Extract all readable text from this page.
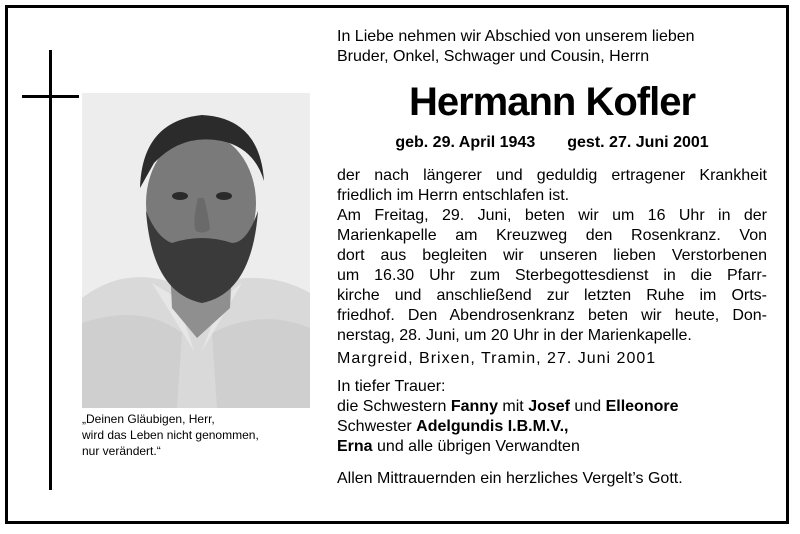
„Deinen Gläubigen, Herr,
wird das Leben nicht genommen,
nur verändert.“
In Liebe nehmen wir Abschied von unserem lieben
Bruder, Onkel, Schwager und Cousin, Herrn
Hermann Kofler
geb. 29. April 1943 gest. 27. Juni 2001
der nach längerer und geduldig ertragener Krankheit
friedlich im Herrn entschlafen ist.
Am Freitag, 29. Juni, beten wir um 16 Uhr in der
Marienkapelle am Kreuzweg den Rosenkranz. Von
dort aus begleiten wir unseren lieben Verstorbenen
um 16.30 Uhr zum Sterbegottesdienst in die Pfarr-
kirche und anschließend zur letzten Ruhe im Orts-
friedhof. Den Abendrosenkranz beten wir heute, Don-
nerstag, 28. Juni, um 20 Uhr in der Marienkapelle.
Margreid, Brixen, Tramin, 27. Juni 2001
In tiefer Trauer:
die Schwestern Fanny mit Josef und Elleonore
Schwester Adelgundis I.B.M.V.,
Erna und alle übrigen Verwandten
Allen Mittrauernden ein herzliches Vergelt’s Gott.
